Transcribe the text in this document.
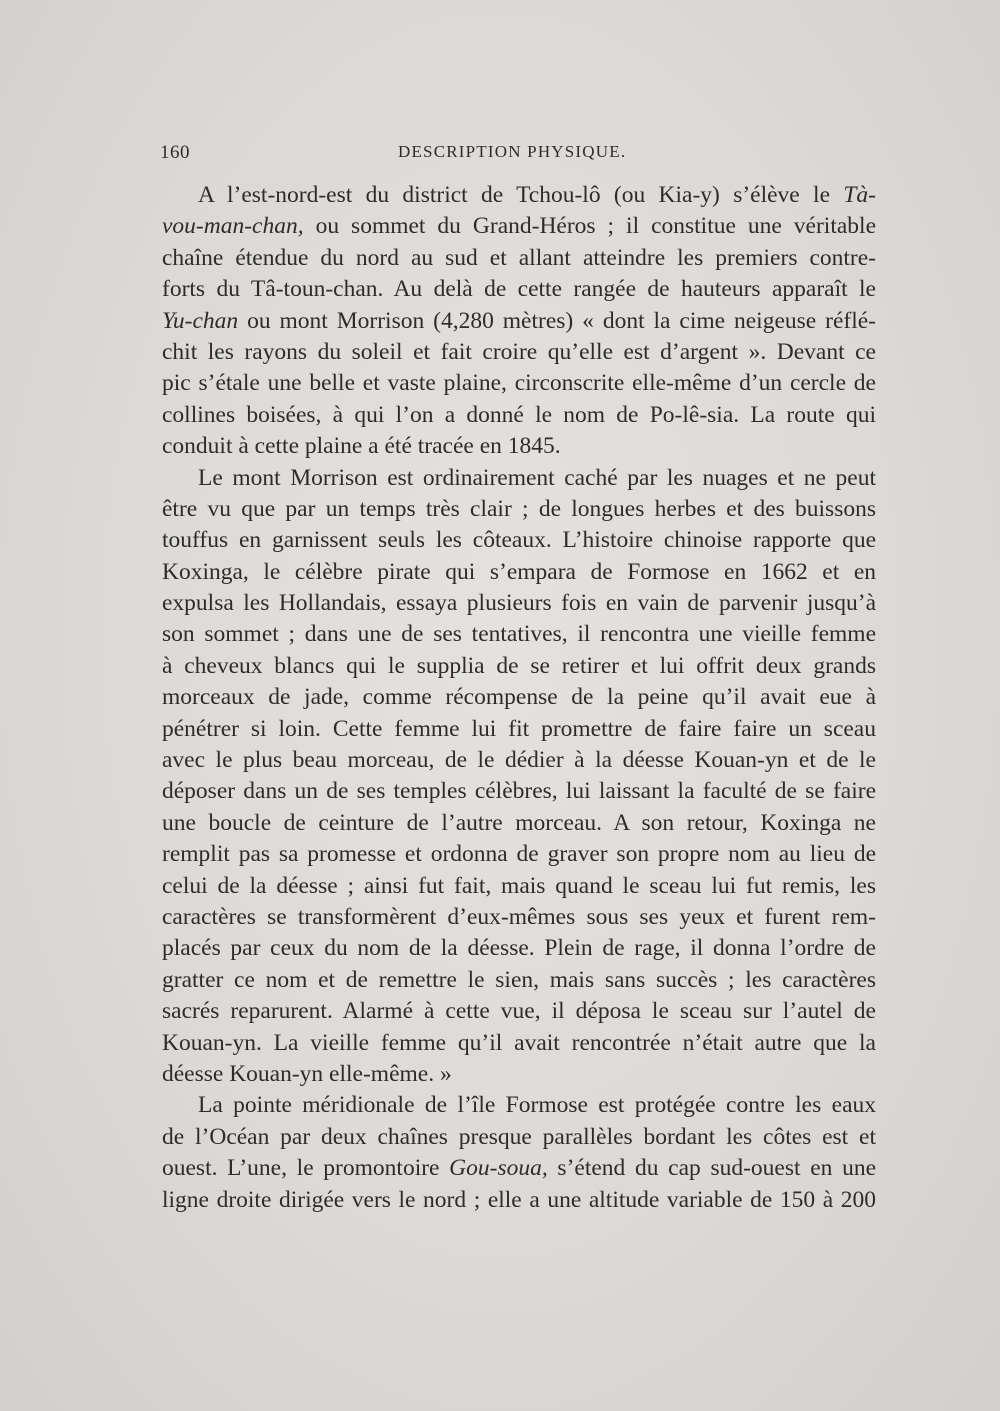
160	DESCRIPTION PHYSIQUE.
A l’est-nord-est du district de Tchou-lô (ou Kia-y) s’élève le Tà-
vou-man-chan, ou sommet du Grand-Héros ; il constitue une véritable
chaîne étendue du nord au sud et allant atteindre les premiers contre-
forts du Tâ-toun-chan. Au delà de cette rangée de hauteurs apparaît le
Yu-chan ou mont Morrison (4,280 mètres) « dont la cime neigeuse réflé-
chit les rayons du soleil et fait croire qu’elle est d’argent ». Devant ce
pic s’étale une belle et vaste plaine, circonscrite elle-même d’un cercle de
collines boisées, à qui l’on a donné le nom de Po-lê-sia. La route qui
conduit à cette plaine a été tracée en 1845.
Le mont Morrison est ordinairement caché par les nuages et ne peut
être vu que par un temps très clair ; de longues herbes et des buissons
touffus en garnissent seuls les côteaux. L’histoire chinoise rapporte que
Koxinga, le célèbre pirate qui s’empara de Formose en 1662 et en
expulsa les Hollandais, essaya plusieurs fois en vain de parvenir jusqu’à
son sommet ; dans une de ses tentatives, il rencontra une vieille femme
à cheveux blancs qui le supplia de se retirer et lui offrit deux grands
morceaux de jade, comme récompense de la peine qu’il avait eue à
pénétrer si loin. Cette femme lui fit promettre de faire faire un sceau
avec le plus beau morceau, de le dédier à la déesse Kouan-yn et de le
déposer dans un de ses temples célèbres, lui laissant la faculté de se faire
une boucle de ceinture de l’autre morceau. A son retour, Koxinga ne
remplit pas sa promesse et ordonna de graver son propre nom au lieu de
celui de la déesse ; ainsi fut fait, mais quand le sceau lui fut remis, les
caractères se transformèrent d’eux-mêmes sous ses yeux et furent rem-
placés par ceux du nom de la déesse. Plein de rage, il donna l’ordre de
gratter ce nom et de remettre le sien, mais sans succès ; les caractères
sacrés reparurent. Alarmé à cette vue, il déposa le sceau sur l’autel de
Kouan-yn. La vieille femme qu’il avait rencontrée n’était autre que la
déesse Kouan-yn elle-même. »
La pointe méridionale de l’île Formose est protégée contre les eaux
de l’Océan par deux chaînes presque parallèles bordant les côtes est et
ouest. L’une, le promontoire Gou-soua, s’étend du cap sud-ouest en une
ligne droite dirigée vers le nord ; elle a une altitude variable de 150 à 200
